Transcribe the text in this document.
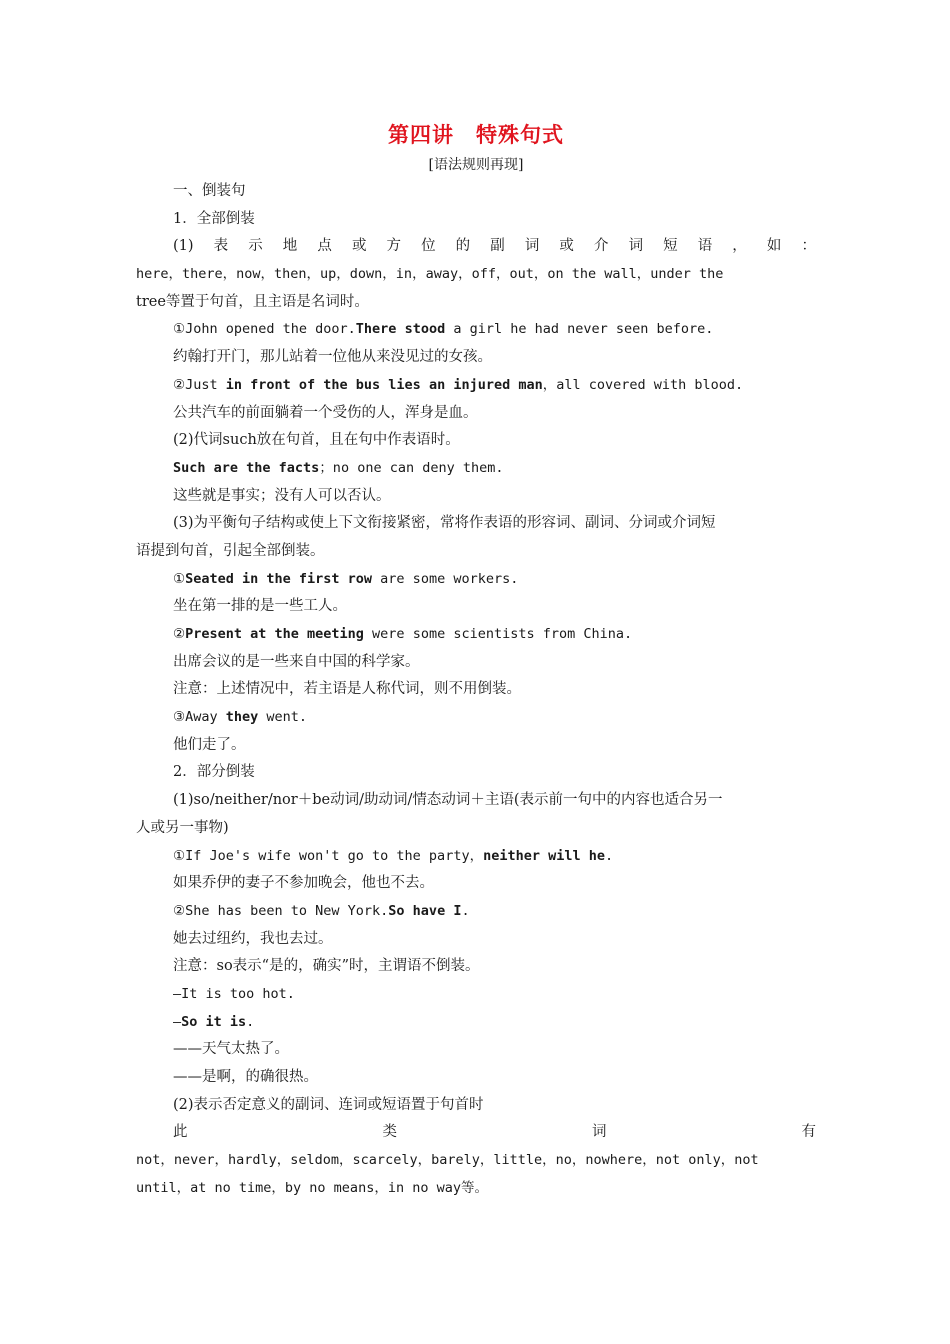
第四讲　特殊句式
[语法规则再现]
一、倒装句
1．全部倒装
(1) 表 示 地 点 或 方 位 的 副 词 或 介 词 短 语 ， 如 ：
here，there，now，then，up，down，in，away，off，out，on the wall，under the
tree等置于句首，且主语是名词时。
①John opened the door.There stood a girl he had never seen before.
约翰打开门，那儿站着一位他从来没见过的女孩。
②Just in front of the bus lies an injured man，all covered with blood.
公共汽车的前面躺着一个受伤的人，浑身是血。
(2)代词such放在句首，且在句中作表语时。
Such are the facts；no one can deny them.
这些就是事实；没有人可以否认。
(3)为平衡句子结构或使上下文衔接紧密，常将作表语的形容词、副词、分词或介词短
语提到句首，引起全部倒装。
①Seated in the first row are some workers.
坐在第一排的是一些工人。
②Present at the meeting were some scientists from China.
出席会议的是一些来自中国的科学家。
注意：上述情况中，若主语是人称代词，则不用倒装。
③Away they went.
他们走了。
2．部分倒装
(1)so/neither/nor＋be动词/助动词/情态动词＋主语(表示前一句中的内容也适合另一
人或另一事物)
①If Joe's wife won't go to the party，neither will he.
如果乔伊的妻子不参加晚会，他也不去。
②She has been to New York.So have I.
她去过纽约，我也去过。
注意：so表示“是的，确实”时，主谓语不倒装。
—It is too hot.
—So it is.
——天气太热了。
——是啊，的确很热。
(2)表示否定意义的副词、连词或短语置于句首时
此	类	词	有
not，never，hardly，seldom，scarcely，barely，little，no，nowhere，not only，not
until，at no time，by no means，in no way等。
